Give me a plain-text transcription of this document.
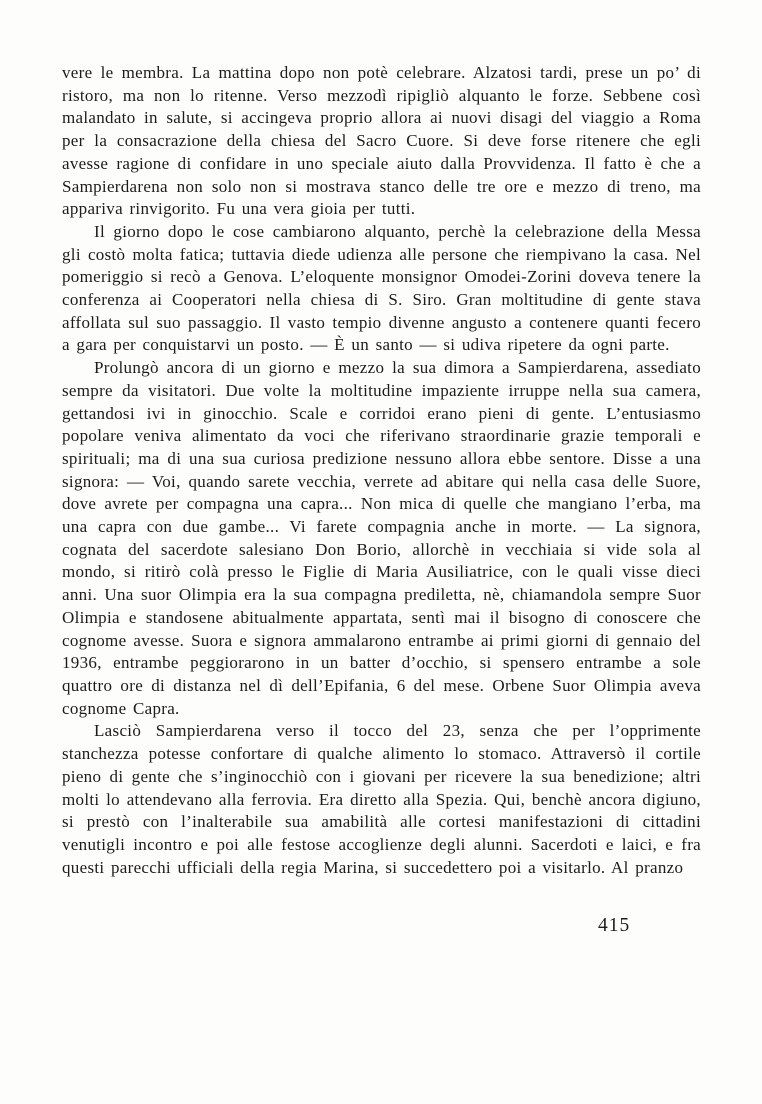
vere le membra. La mattina dopo non potè celebrare. Alzatosi tardi, prese un po’ di ristoro, ma non lo ritenne. Verso mezzodì ripigliò alquanto le forze. Sebbene così malandato in salute, si accingeva proprio allora ai nuovi disagi del viaggio a Roma per la consacrazione della chiesa del Sacro Cuore. Si deve forse ritenere che egli avesse ragione di confidare in uno speciale aiuto dalla Provvidenza. Il fatto è che a Sampierdarena non solo non si mostrava stanco delle tre ore e mezzo di treno, ma appariva rinvigorito. Fu una vera gioia per tutti.

Il giorno dopo le cose cambiarono alquanto, perchè la celebrazione della Messa gli costò molta fatica; tuttavia diede udienza alle persone che riempivano la casa. Nel pomeriggio si recò a Genova. L’eloquente monsignor Omodei-Zorini doveva tenere la conferenza ai Cooperatori nella chiesa di S. Siro. Gran moltitudine di gente stava affollata sul suo passaggio. Il vasto tempio divenne angusto a contenere quanti fecero a gara per conquistarvi un posto. — È un santo — si udiva ripetere da ogni parte.

Prolungò ancora di un giorno e mezzo la sua dimora a Sampierdarena, assediato sempre da visitatori. Due volte la moltitudine impaziente irruppe nella sua camera, gettandosi ivi in ginocchio. Scale e corridoi erano pieni di gente. L’entusiasmo popolare veniva alimentato da voci che riferivano straordinarie grazie temporali e spirituali; ma di una sua curiosa predizione nessuno allora ebbe sentore. Disse a una signora: — Voi, quando sarete vecchia, verrete ad abitare qui nella casa delle Suore, dove avrete per compagna una capra... Non mica di quelle che mangiano l’erba, ma una capra con due gambe... Vi farete compagnia anche in morte. — La signora, cognata del sacerdote salesiano Don Borio, allorchè in vecchiaia si vide sola al mondo, si ritirò colà presso le Figlie di Maria Ausiliatrice, con le quali visse dieci anni. Una suor Olimpia era la sua compagna prediletta, nè, chiamandola sempre Suor Olimpia e standosene abitualmente appartata, sentì mai il bisogno di conoscere che cognome avesse. Suora e signora ammalarono entrambe ai primi giorni di gennaio del 1936, entrambe peggiorarono in un batter d’occhio, si spensero entrambe a sole quattro ore di distanza nel dì dell’Epifania, 6 del mese. Orbene Suor Olimpia aveva cognome Capra.

Lasciò Sampierdarena verso il tocco del 23, senza che per l’opprimente stanchezza potesse confortare di qualche alimento lo stomaco. Attraversò il cortile pieno di gente che s’inginocchiò con i giovani per ricevere la sua benedizione; altri molti lo attendevano alla ferrovia. Era diretto alla Spezia. Qui, benchè ancora digiuno, si prestò con l’inalterabile sua amabilità alle cortesi manifestazioni di cittadini venutigli incontro e poi alle festose accoglienze degli alunni. Sacerdoti e laici, e fra questi parecchi ufficiali della regia Marina, si succedettero poi a visitarlo. Al pranzo

415
